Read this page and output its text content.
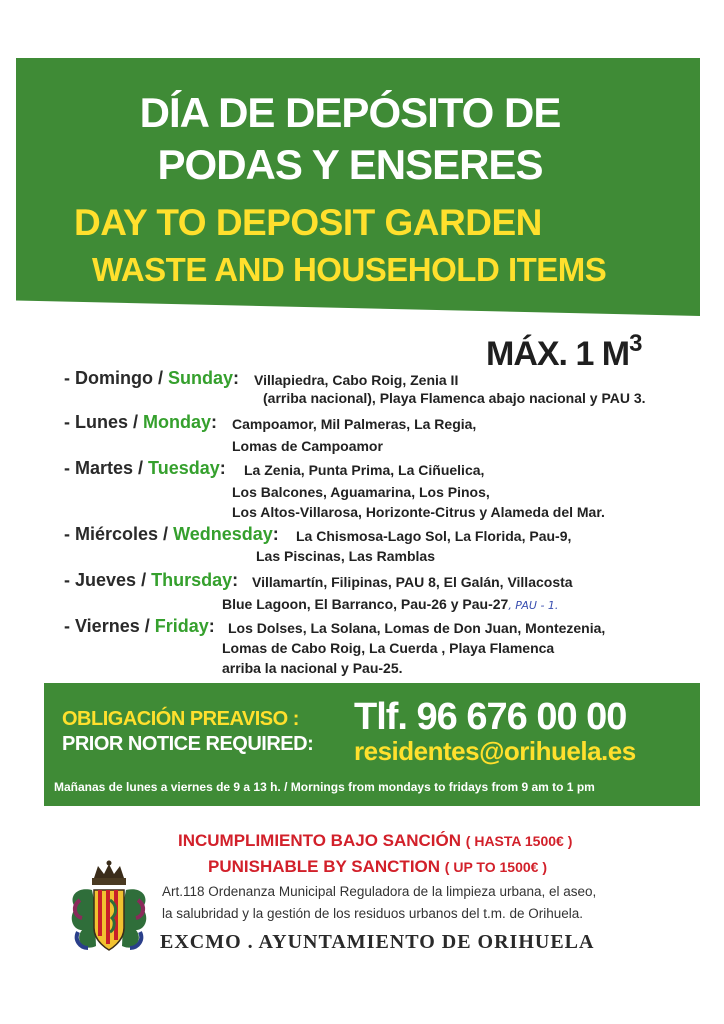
DÍA DE DEPÓSITO DE
PODAS Y ENSERES
DAY TO DEPOSIT GARDEN
WASTE AND HOUSEHOLD ITEMS
MÁX. 1 $M^3$
- Domingo / Sunday: Villapiedra, Cabo Roig, Zenia II
(arriba nacional), Playa Flamenca abajo nacional y PAU 3.
- Lunes / Monday: Campoamor, Mil Palmeras, La Regia,
Lomas de Campoamor
- Martes / Tuesday: La Zenia, Punta Prima, La Ciñuelica,
Los Balcones, Aguamarina, Los Pinos,
Los Altos-Villarosa, Horizonte-Citrus y Alameda del Mar.
- Miércoles / Wednesday: La Chismosa-Lago Sol, La Florida, Pau-9,
Las Piscinas, Las Ramblas
- Jueves / Thursday: Villamartín, Filipinas, PAU 8, El Galán, Villacosta
Blue Lagoon, El Barranco, Pau-26 y Pau-27, PAU - 1.
- Viernes / Friday: Los Dolses, La Solana, Lomas de Don Juan, Montezenia,
Lomas de Cabo Roig, La Cuerda , Playa Flamenca
arriba la nacional y Pau-25.
OBLIGACIÓN PREAVISO :
PRIOR NOTICE REQUIRED:
Tlf. 96 676 00 00
residentes@orihuela.es
Mañanas de lunes a viernes de 9 a 13 h. / Mornings from mondays to fridays from 9 am to 1 pm
INCUMPLIMIENTO BAJO SANCIÓN ( HASTA 1500€ )
PUNISHABLE BY SANCTION ( UP TO 1500€ )
Art.118 Ordenanza Municipal Reguladora de la limpieza urbana, el aseo,
la salubridad y la gestión de los residuos urbanos del t.m. de Orihuela.
EXCMO . AYUNTAMIENTO DE ORIHUELA
